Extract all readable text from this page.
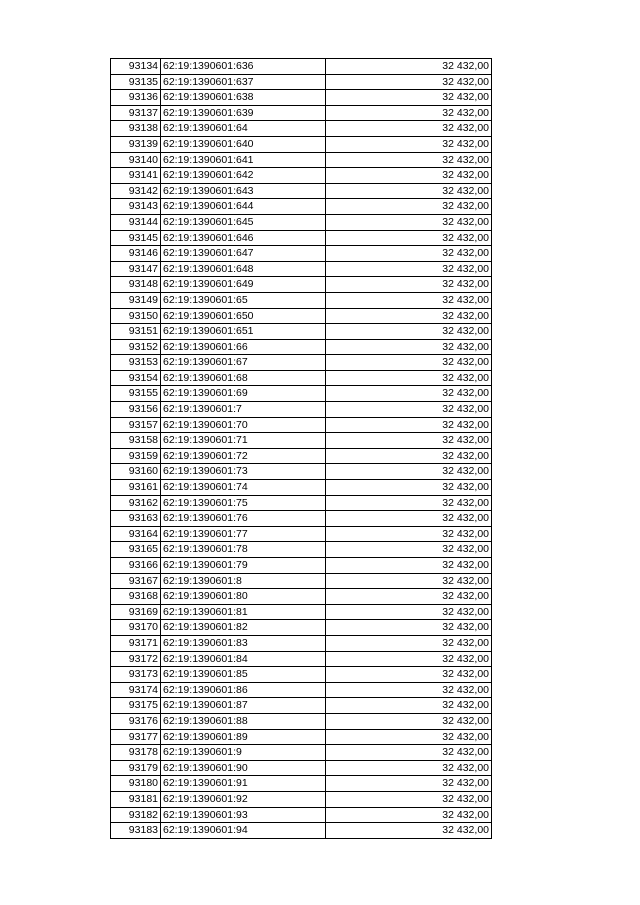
93134	62:19:1390601:636	32 432,00
93135	62:19:1390601:637	32 432,00
93136	62:19:1390601:638	32 432,00
93137	62:19:1390601:639	32 432,00
93138	62:19:1390601:64	32 432,00
93139	62:19:1390601:640	32 432,00
93140	62:19:1390601:641	32 432,00
93141	62:19:1390601:642	32 432,00
93142	62:19:1390601:643	32 432,00
93143	62:19:1390601:644	32 432,00
93144	62:19:1390601:645	32 432,00
93145	62:19:1390601:646	32 432,00
93146	62:19:1390601:647	32 432,00
93147	62:19:1390601:648	32 432,00
93148	62:19:1390601:649	32 432,00
93149	62:19:1390601:65	32 432,00
93150	62:19:1390601:650	32 432,00
93151	62:19:1390601:651	32 432,00
93152	62:19:1390601:66	32 432,00
93153	62:19:1390601:67	32 432,00
93154	62:19:1390601:68	32 432,00
93155	62:19:1390601:69	32 432,00
93156	62:19:1390601:7	32 432,00
93157	62:19:1390601:70	32 432,00
93158	62:19:1390601:71	32 432,00
93159	62:19:1390601:72	32 432,00
93160	62:19:1390601:73	32 432,00
93161	62:19:1390601:74	32 432,00
93162	62:19:1390601:75	32 432,00
93163	62:19:1390601:76	32 432,00
93164	62:19:1390601:77	32 432,00
93165	62:19:1390601:78	32 432,00
93166	62:19:1390601:79	32 432,00
93167	62:19:1390601:8	32 432,00
93168	62:19:1390601:80	32 432,00
93169	62:19:1390601:81	32 432,00
93170	62:19:1390601:82	32 432,00
93171	62:19:1390601:83	32 432,00
93172	62:19:1390601:84	32 432,00
93173	62:19:1390601:85	32 432,00
93174	62:19:1390601:86	32 432,00
93175	62:19:1390601:87	32 432,00
93176	62:19:1390601:88	32 432,00
93177	62:19:1390601:89	32 432,00
93178	62:19:1390601:9	32 432,00
93179	62:19:1390601:90	32 432,00
93180	62:19:1390601:91	32 432,00
93181	62:19:1390601:92	32 432,00
93182	62:19:1390601:93	32 432,00
93183	62:19:1390601:94	32 432,00
